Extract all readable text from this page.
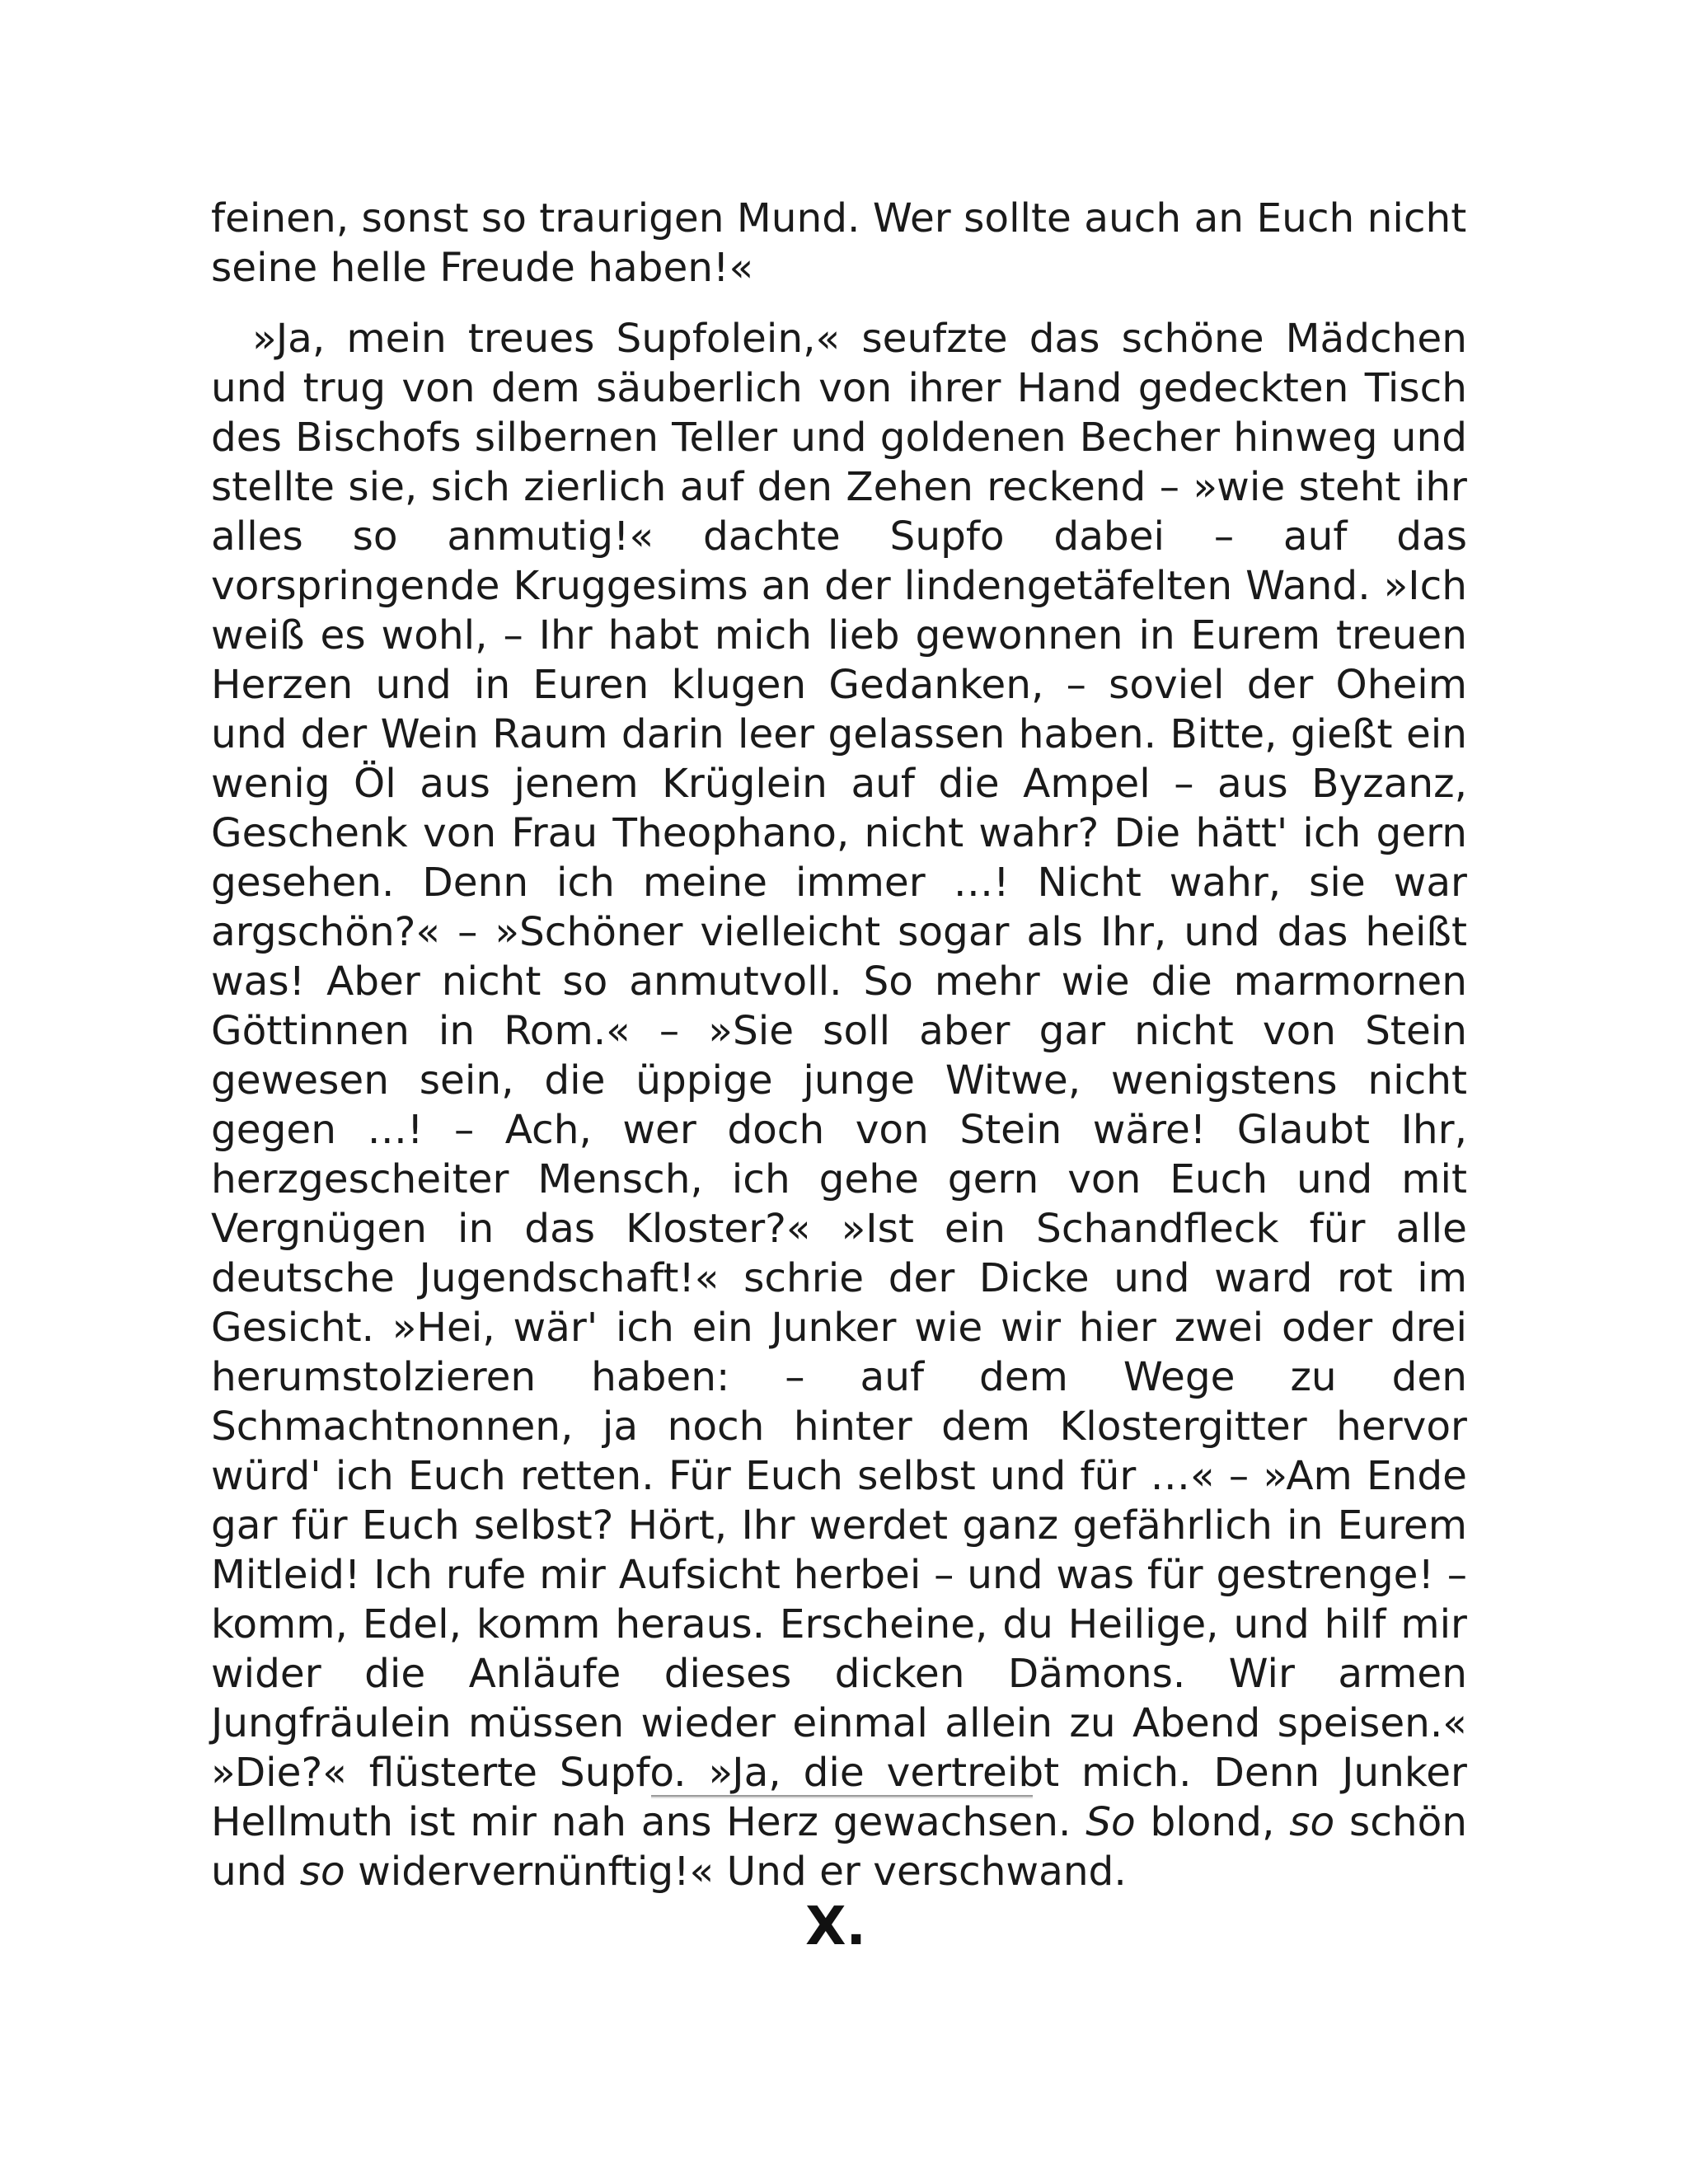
feinen, sonst so traurigen Mund. Wer sollte auch an Euch nicht seine helle Freude haben!«

»Ja, mein treues Supfolein,« seufzte das schöne Mädchen und trug von dem säuberlich von ihrer Hand gedeckten Tisch des Bischofs silbernen Teller und goldenen Becher hinweg und stellte sie, sich zierlich auf den Zehen reckend – »wie steht ihr alles so anmutig!« dachte Supfo dabei – auf das vorspringende Kruggesims an der lindengetäfelten Wand. »Ich weiß es wohl, – Ihr habt mich lieb gewonnen in Eurem treuen Herzen und in Euren klugen Gedanken, – soviel der Oheim und der Wein Raum darin leer gelassen haben. Bitte, gießt ein wenig Öl aus jenem Krüglein auf die Ampel – aus Byzanz, Geschenk von Frau Theophano, nicht wahr? Die hätt' ich gern gesehen. Denn ich meine immer …! Nicht wahr, sie war argschön?« – »Schöner vielleicht sogar als Ihr, und das heißt was! Aber nicht so anmutvoll. So mehr wie die marmornen Göttinnen in Rom.« – »Sie soll aber gar nicht von Stein gewesen sein, die üppige junge Witwe, wenigstens nicht gegen …! – Ach, wer doch von Stein wäre! Glaubt Ihr, herzgescheiter Mensch, ich gehe gern von Euch und mit Vergnügen in das Kloster?« »Ist ein Schandfleck für alle deutsche Jugendschaft!« schrie der Dicke und ward rot im Gesicht. »Hei, wär' ich ein Junker wie wir hier zwei oder drei herumstolzieren haben: – auf dem Wege zu den Schmachtnonnen, ja noch hinter dem Klostergitter hervor würd' ich Euch retten. Für Euch selbst und für …« – »Am Ende gar für Euch selbst? Hört, Ihr werdet ganz gefährlich in Eurem Mitleid! Ich rufe mir Aufsicht herbei – und was für gestrenge! – komm, Edel, komm heraus. Erscheine, du Heilige, und hilf mir wider die Anläufe dieses dicken Dämons. Wir armen Jungfräulein müssen wieder einmal allein zu Abend speisen.« »Die?« flüsterte Supfo. »Ja, die vertreibt mich. Denn Junker Hellmuth ist mir nah ans Herz gewachsen. So blond, so schön und so widervernünftig!« Und er verschwand.

X.
